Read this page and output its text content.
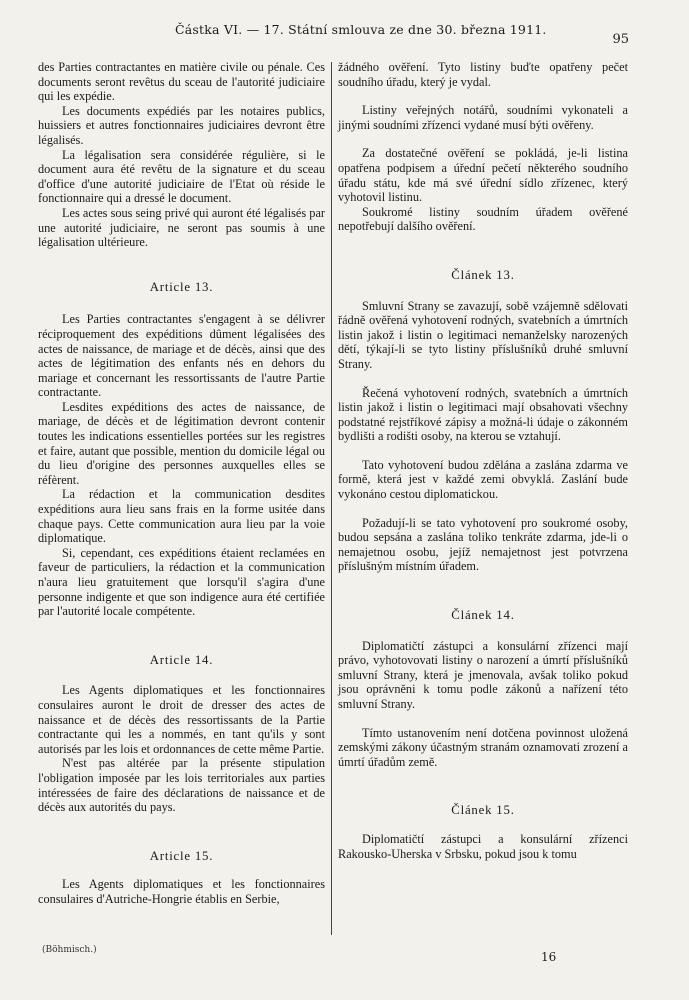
Částka VI. — 17. Státní smlouva ze dne 30. března 1911.
95

des Parties contractantes en matière civile ou pénale. Ces documents seront revêtus du sceau de l'autorité judiciaire qui les expédie.

Les documents expédiés par les notaires publics, huissiers et autres fonctionnaires judiciaires devront être légalisés.

La légalisation sera considérée régulière, si le document aura été revêtu de la signature et du sceau d'office d'une autorité judiciaire de l'Etat où réside le fonctionnaire qui a dressé le document.

Les actes sous seing privé qui auront été légalisés par une autorité judiciaire, ne seront pas soumis à une légalisation ultérieure.

Article 13.

Les Parties contractantes s'engagent à se délivrer réciproquement des expéditions dûment légalisées des actes de naissance, de mariage et de décès, ainsi que des actes de légitimation des enfants nés en dehors du mariage et concernant les ressortissants de l'autre Partie contractante.

Lesdites expéditions des actes de naissance, de mariage, de décès et de légitimation devront contenir toutes les indications essentielles portées sur les registres et faire, autant que possible, mention du domicile légal ou du lieu d'origine des personnes auxquelles elles se réfèrent.

La rédaction et la communication desdites expéditions aura lieu sans frais en la forme usitée dans chaque pays. Cette communication aura lieu par la voie diplomatique.

Si, cependant, ces expéditions étaient reclamées en faveur de particuliers, la rédaction et la communication n'aura lieu gratuitement que lorsqu'il s'agira d'une personne indigente et que son indigence aura été certifiée par l'autorité locale compétente.

Article 14.

Les Agents diplomatiques et les fonctionnaires consulaires auront le droit de dresser des actes de naissance et de décès des ressortissants de la Partie contractante qui les a nommés, en tant qu'ils y sont autorisés par les lois et ordonnances de cette même Partie.

N'est pas altérée par la présente stipulation l'obligation imposée par les lois territoriales aux parties intéressées de faire des déclarations de naissance et de décès aux autorités du pays.

Article 15.

Les Agents diplomatiques et les fonctionnaires consulaires d'Autriche-Hongrie établis en Serbie,

žádného ověření. Tyto listiny buďte opatřeny pečet soudního úřadu, který je vydal.

Listiny veřejných notářů, soudními vykonateli a jinými soudními zřízenci vydané musí býti ověřeny.

Za dostatečné ověření se pokládá, je-li listina opatřena podpisem a úřední pečetí některého soudního úřadu státu, kde má své úřední sídlo zřízenec, který vyhotovil listinu.

Soukromé listiny soudním úřadem ověřené nepotřebují dalšího ověření.

Článek 13.

Smluvní Strany se zavazují, sobě vzájemně sdělovati řádně ověřená vyhotovení rodných, svatebních a úmrtních listin jakož i listin o legitimaci nemanželsky narozených dětí, týkají-li se tyto listiny příslušníků druhé smluvní Strany.

Řečená vyhotovení rodných, svatebních a úmrtních listin jakož i listin o legitimaci mají obsahovati všechny podstatné rejstříkové zápisy a možná-li údaje o zákonném bydlišti a rodišti osoby, na kterou se vztahují.

Tato vyhotovení budou zdělána a zaslána zdarma ve formě, která jest v každé zemi obvyklá. Zaslání bude vykonáno cestou diplomatickou.

Požadují-li se tato vyhotovení pro soukromé osoby, budou sepsána a zaslána toliko tenkráte zdarma, jde-li o nemajetnou osobu, jejíž nemajetnost jest potvrzena příslušným místním úřadem.

Článek 14.

Diplomatičtí zástupci a konsulární zřízenci mají právo, vyhotovovati listiny o narození a úmrtí příslušníků smluvní Strany, která je jmenovala, avšak toliko pokud jsou oprávněni k tomu podle zákonů a nařízení této smluvní Strany.

Tímto ustanovením není dotčena povinnost uložená zemskými zákony účastným stranám oznamovati zrození a úmrtí úřadům země.

Článek 15.

Diplomatičtí zástupci a konsulární zřízenci Rakousko-Uherska v Srbsku, pokud jsou k tomu

(Böhmisch.)	16
